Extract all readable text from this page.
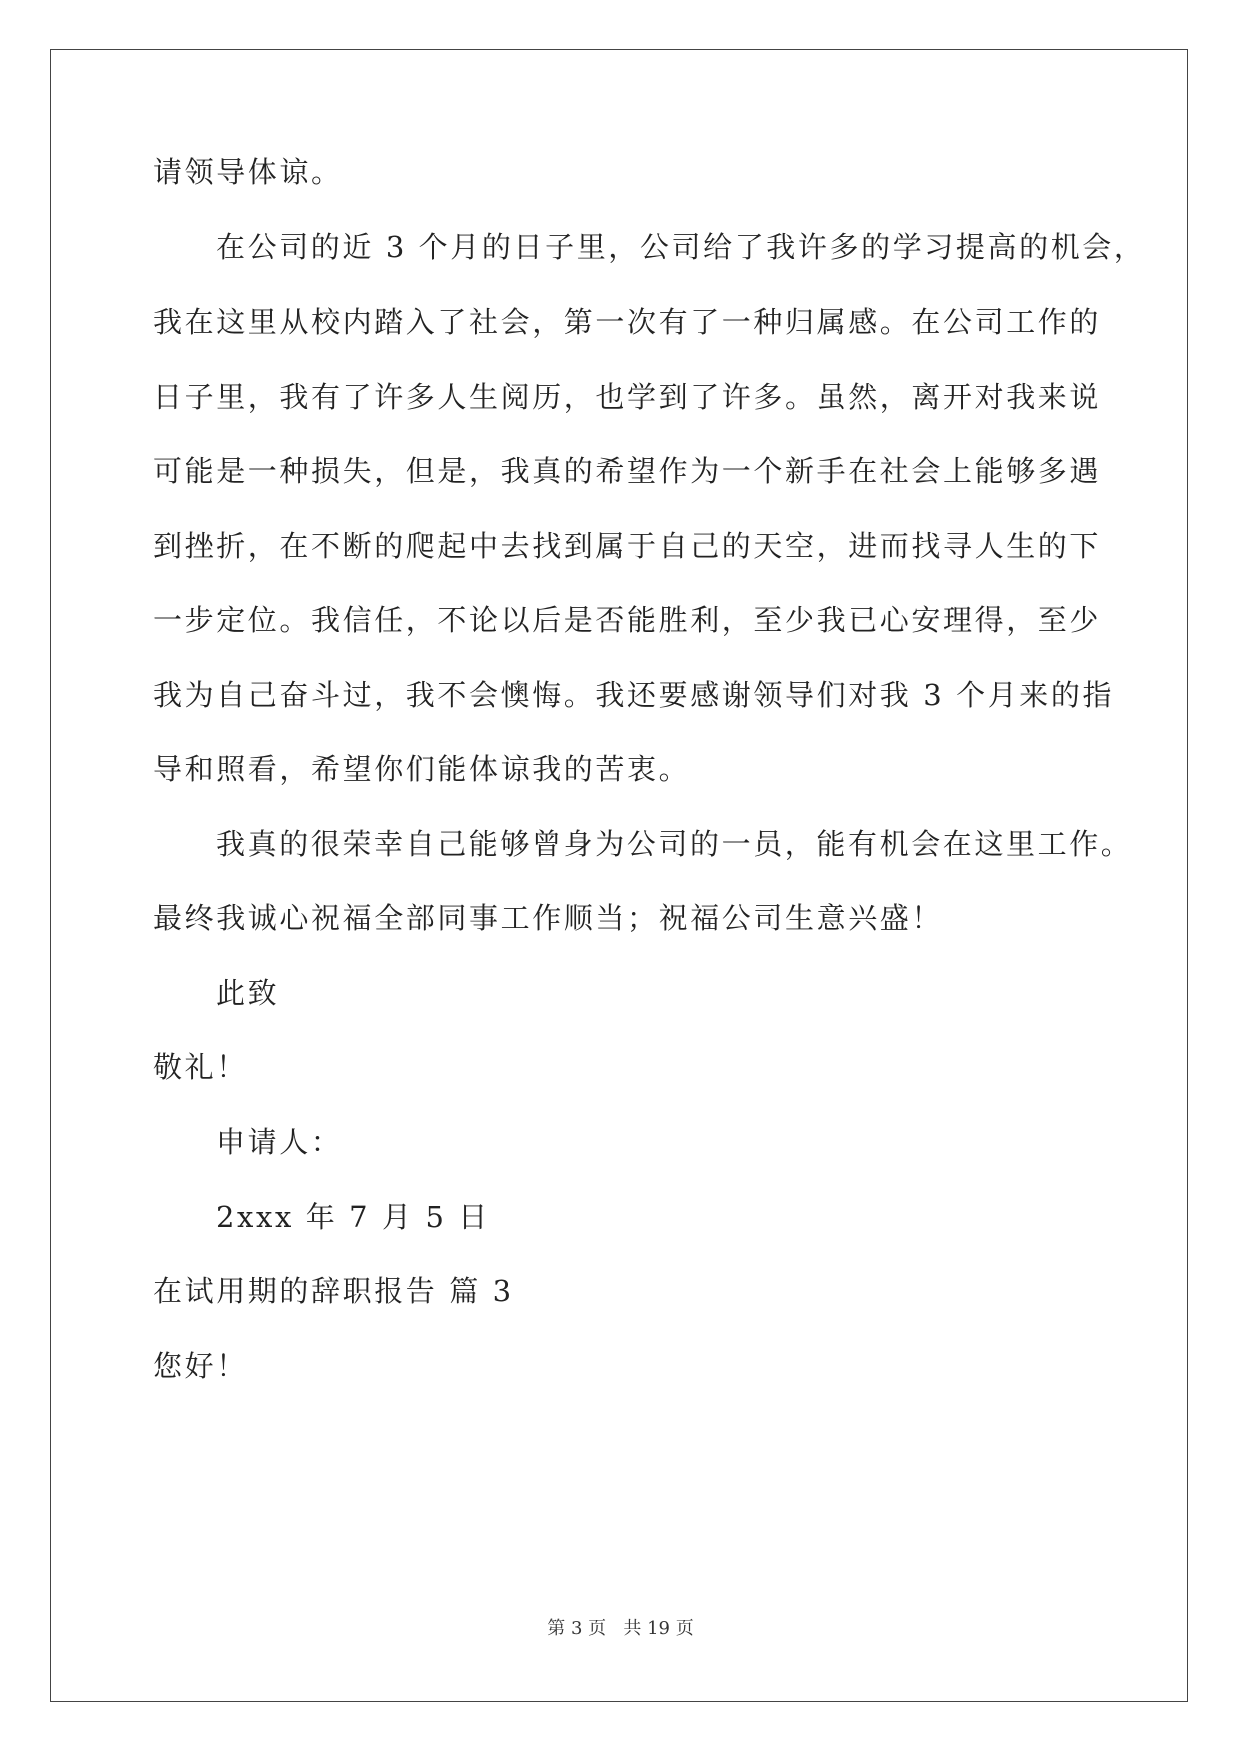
请领导体谅。
在公司的近 3 个月的日子里，公司给了我许多的学习提高的机会，
我在这里从校内踏入了社会，第一次有了一种归属感。在公司工作的
日子里，我有了许多人生阅历，也学到了许多。虽然，离开对我来说
可能是一种损失，但是，我真的希望作为一个新手在社会上能够多遇
到挫折，在不断的爬起中去找到属于自己的天空，进而找寻人生的下
一步定位。我信任，不论以后是否能胜利，至少我已心安理得，至少
我为自己奋斗过，我不会懊悔。我还要感谢领导们对我 3 个月来的指
导和照看，希望你们能体谅我的苦衷。
我真的很荣幸自己能够曾身为公司的一员，能有机会在这里工作。
最终我诚心祝福全部同事工作顺当；祝福公司生意兴盛！
此致
敬礼！
申请人：
2xxx 年 7 月 5 日
在试用期的辞职报告 篇 3
您好！
第 3 页   共 19 页
